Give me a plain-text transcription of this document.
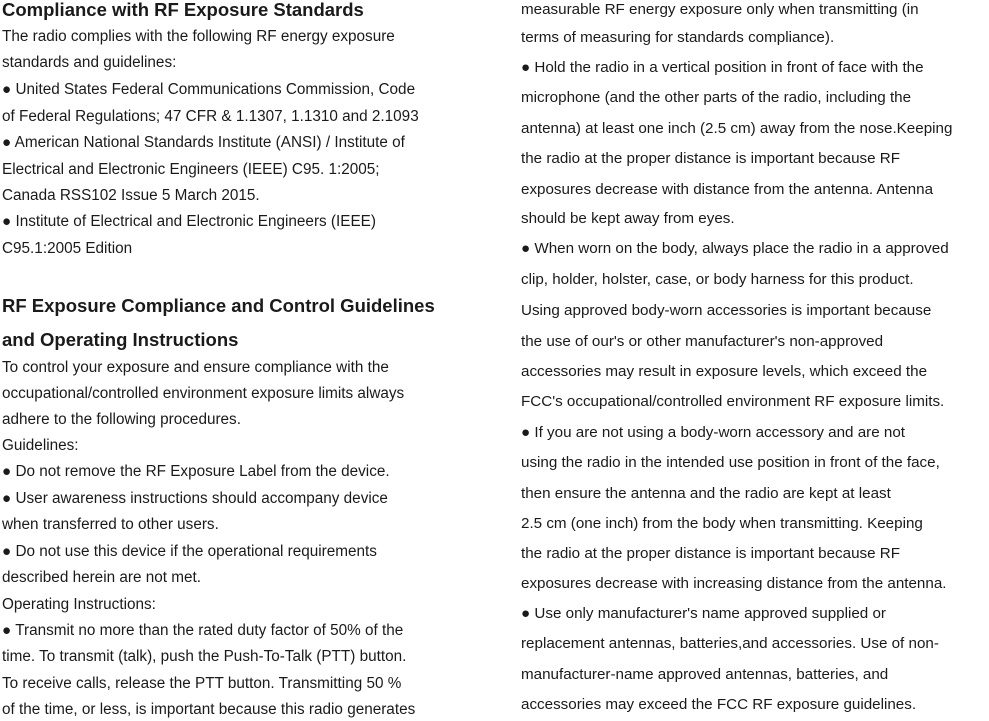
Compliance with RF Exposure Standards
The radio complies with the following RF energy exposure
standards and guidelines:
● United States Federal Communications Commission, Code
of Federal Regulations; 47 CFR & 1.1307, 1.1310 and 2.1093
● American National Standards Institute (ANSI) / Institute of
Electrical and Electronic Engineers (IEEE) C95. 1:2005;
Canada RSS102 Issue 5 March 2015.
● Institute of Electrical and Electronic Engineers (IEEE)
C95.1:2005 Edition
RF Exposure Compliance and Control Guidelines
and Operating Instructions
To control your exposure and ensure compliance with the
occupational/controlled environment exposure limits always
adhere to the following procedures.
Guidelines:
● Do not remove the RF Exposure Label from the device.
● User awareness instructions should accompany device
when transferred to other users.
● Do not use this device if the operational requirements
described herein are not met.
Operating Instructions:
● Transmit no more than the rated duty factor of 50% of the
time. To transmit (talk), push the Push-To-Talk (PTT) button.
To receive calls, release the PTT button. Transmitting 50 %
of the time, or less, is important because this radio generates
measurable RF energy exposure only when transmitting (in
terms of measuring for standards compliance).
● Hold the radio in a vertical position in front of face with the
microphone (and the other parts of the radio, including the
antenna) at least one inch (2.5 cm) away from the nose.Keeping
the radio at the proper distance is important because RF
exposures decrease with distance from the antenna. Antenna
should be kept away from eyes.
● When worn on the body, always place the radio in a approved
clip, holder, holster, case, or body harness for this product.
Using approved body-worn accessories is important because
the use of our's or other manufacturer's non-approved
accessories may result in exposure levels, which exceed the
FCC's occupational/controlled environment RF exposure limits.
● If you are not using a body-worn accessory and are not
using the radio in the intended use position in front of the face,
then ensure the antenna and the radio are kept at least
2.5 cm (one inch) from the body when transmitting. Keeping
the radio at the proper distance is important because RF
exposures decrease with increasing distance from the antenna.
● Use only manufacturer's name approved supplied or
replacement antennas, batteries,and accessories. Use of non-
manufacturer-name approved antennas, batteries, and
accessories may exceed the FCC RF exposure guidelines.
